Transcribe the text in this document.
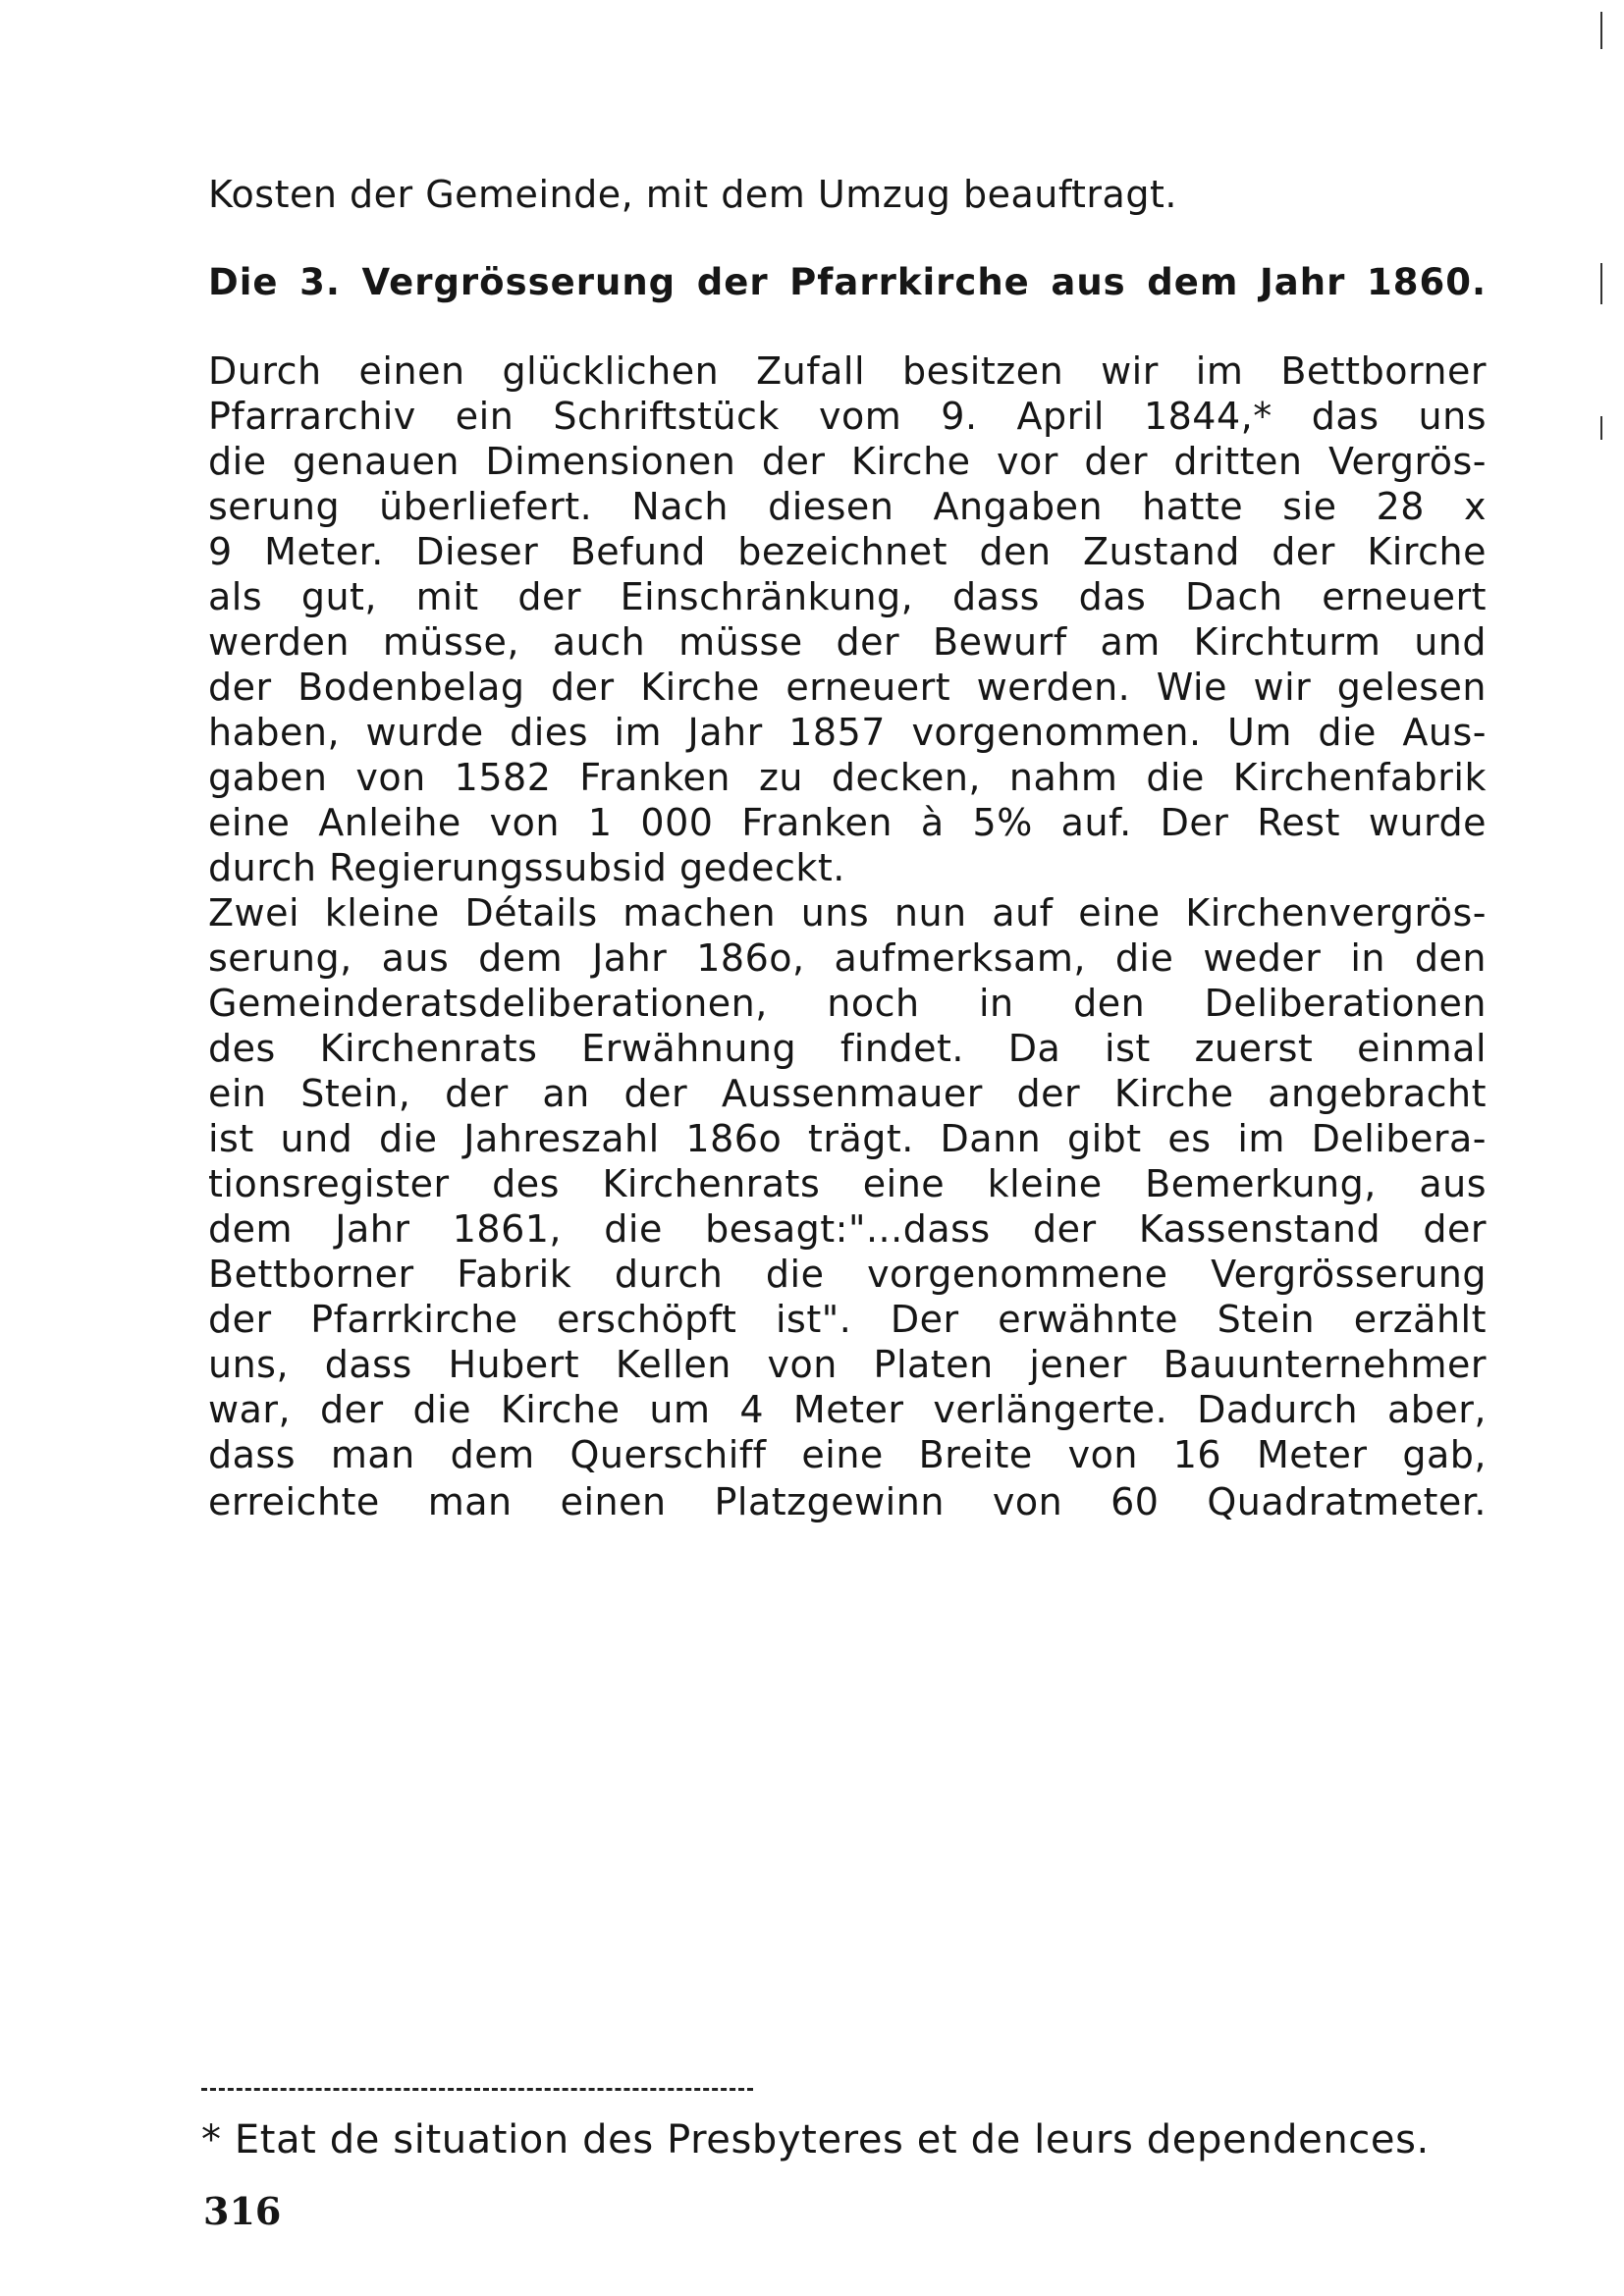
Kosten der Gemeinde, mit dem Umzug beauftragt.
Die 3. Vergrösserung der Pfarrkirche aus dem Jahr 1860.
Durch einen glücklichen Zufall besitzen wir im Bettborner
Pfarrarchiv ein Schriftstück vom 9. April 1844,* das uns
die genauen Dimensionen der Kirche vor der dritten Vergrös-
serung überliefert. Nach diesen Angaben hatte sie 28 x
9 Meter. Dieser Befund bezeichnet den Zustand der Kirche
als gut, mit der Einschränkung, dass das Dach erneuert
werden müsse, auch müsse der Bewurf am Kirchturm und
der Bodenbelag der Kirche erneuert werden. Wie wir gelesen
haben, wurde dies im Jahr 1857 vorgenommen. Um die Aus-
gaben von 1582 Franken zu decken, nahm die Kirchenfabrik
eine Anleihe von 1 000 Franken à 5% auf. Der Rest wurde
durch Regierungssubsid gedeckt.
Zwei kleine Détails machen uns nun auf eine Kirchenvergrös-
serung, aus dem Jahr 186o, aufmerksam, die weder in den
Gemeinderatsdeliberationen, noch in den Deliberationen
des Kirchenrats Erwähnung findet. Da ist zuerst einmal
ein Stein, der an der Aussenmauer der Kirche angebracht
ist und die Jahreszahl 186o trägt. Dann gibt es im Delibera-
tionsregister des Kirchenrats eine kleine Bemerkung, aus
dem Jahr 1861, die besagt:"...dass der Kassenstand der
Bettborner Fabrik durch die vorgenommene Vergrösserung
der Pfarrkirche erschöpft ist". Der erwähnte Stein erzählt
uns, dass Hubert Kellen von Platen jener Bauunternehmer
war, der die Kirche um 4 Meter verlängerte. Dadurch aber,
dass man dem Querschiff eine Breite von 16 Meter gab,
erreichte man einen Platzgewinn von 60 Quadratmeter.
* Etat de situation des Presbyteres et de leurs dependences.
316
